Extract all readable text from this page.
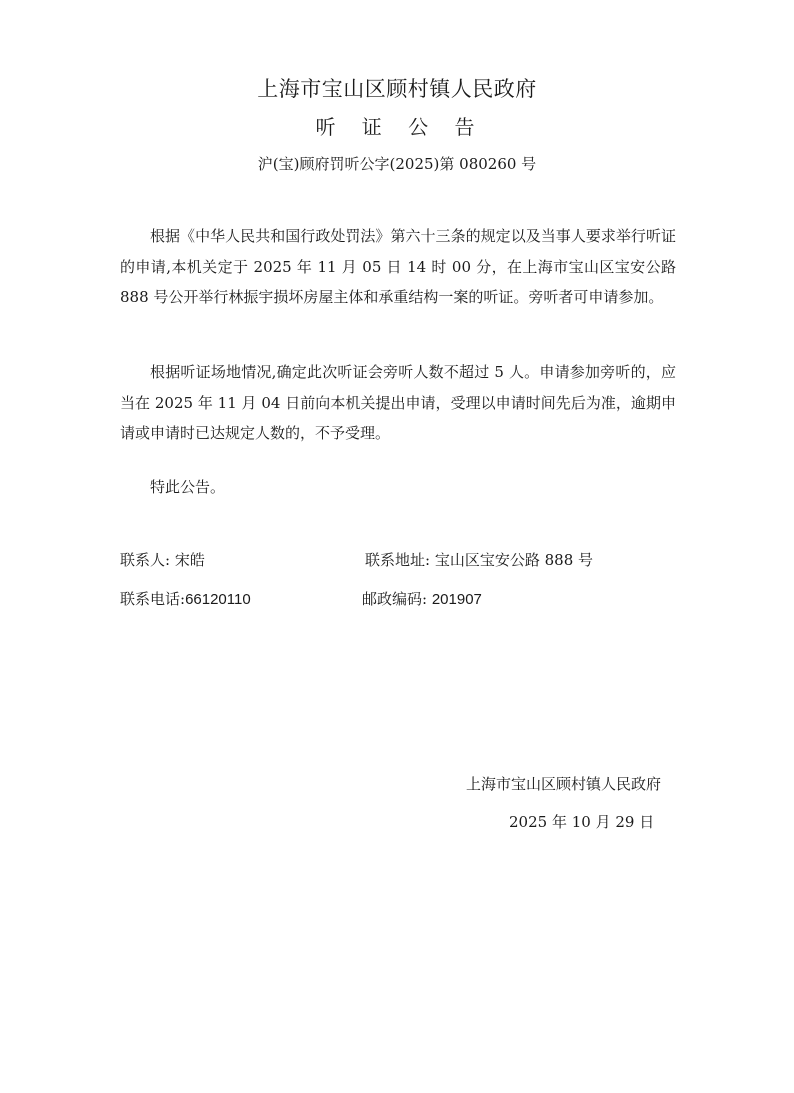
上海市宝山区顾村镇人民政府
听 证 公 告
沪(宝)顾府罚听公字(2025)第 080260 号
根据《中华人民共和国行政处罚法》第六十三条的规定以及当事人要求举行听证的申请,本机关定于 2025 年 11 月 05 日 14 时 00 分，在上海市宝山区宝安公路 888 号公开举行林振宇损坏房屋主体和承重结构一案的听证。旁听者可申请参加。
根据听证场地情况,确定此次听证会旁听人数不超过 5 人。申请参加旁听的，应当在 2025 年 11 月 04 日前向本机关提出申请，受理以申请时间先后为准，逾期申请或申请时已达规定人数的，不予受理。
特此公告。
联系人: 宋皓	联系地址: 宝山区宝安公路 888 号
联系电话:66120110	邮政编码: 201907
上海市宝山区顾村镇人民政府
2025 年 10 月 29 日
